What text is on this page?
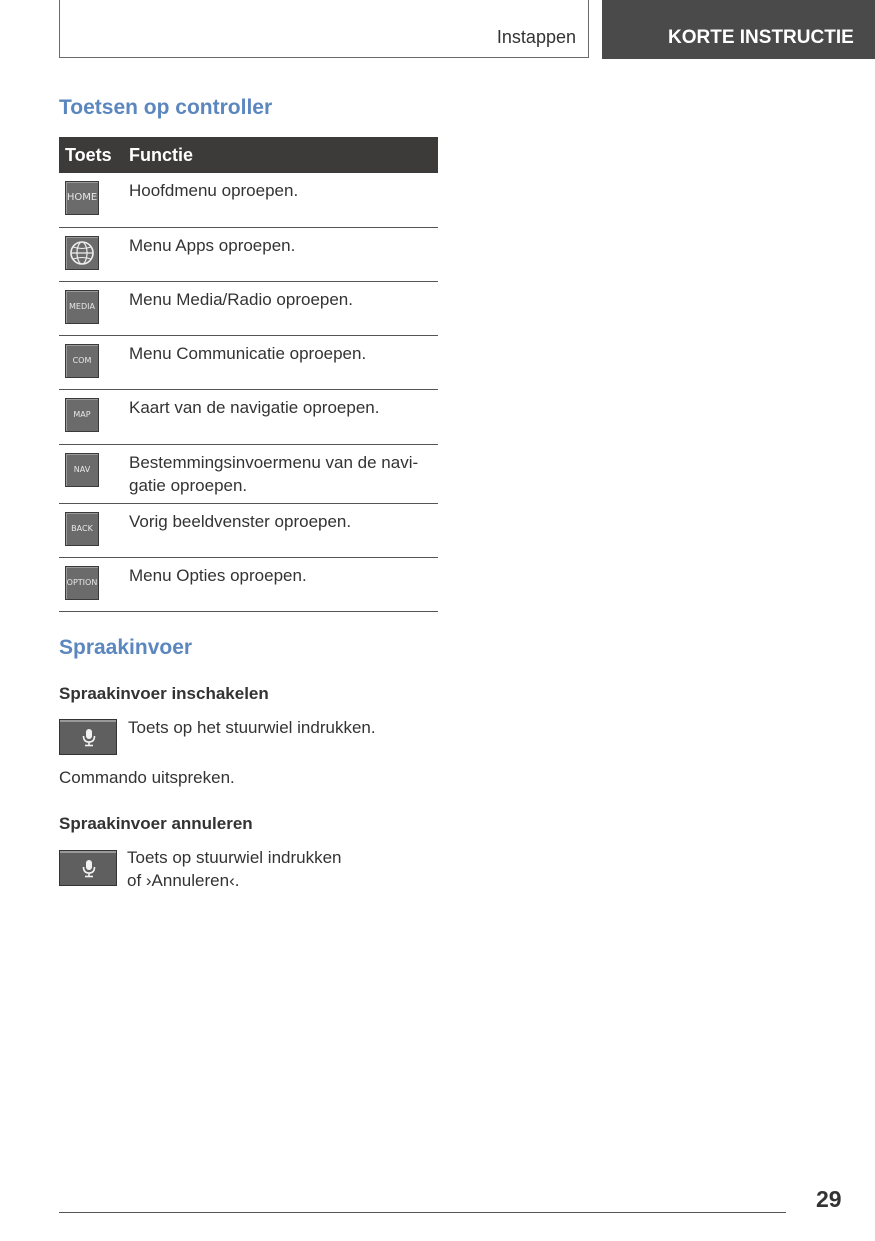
Instappen	KORTE INSTRUCTIE
Toetsen op controller
Toets	Functie

HOME	Hoofdmenu oproepen.

	Menu Apps oproepen.

MEDIA	Menu Media/Radio oproepen.

COM	Menu Communicatie oproepen.

MAP	Kaart van de navigatie oproepen.

NAV	Bestemmingsinvoermenu van de navi-gatie oproepen.

BACK	Vorig beeldvenster oproepen.

OPTION	Menu Opties oproepen.
Spraakinvoer
Spraakinvoer inschakelen
Toets op het stuurwiel indrukken.
Commando uitspreken.
Spraakinvoer annuleren
Toets op stuurwiel indrukken
of ›Annuleren‹.
29
